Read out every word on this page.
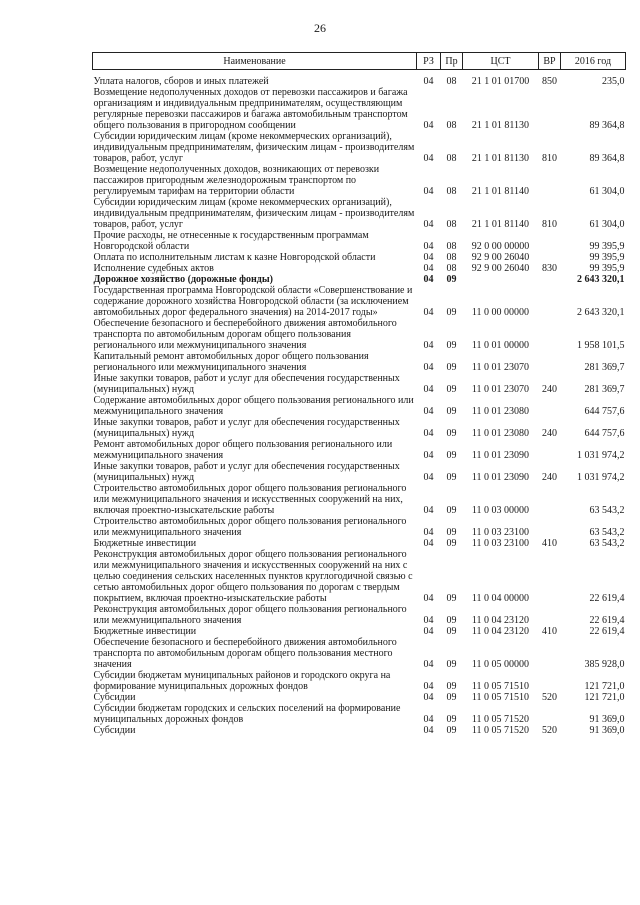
26
Наименование	РЗ	Пр	ЦСТ	ВР	2016 год
Уплата налогов, сборов и иных платежей	04	08	21 1 01 01700	850	235,0
Возмещение недополученных доходов от перевозки пассажиров и багажа организациям и индивидуальным предпринимателям, осуществляющим регулярные перевозки пассажиров и багажа автомобильным транспортом общего пользования в пригородном сообщении	04	08	21 1 01 81130		89 364,8
Субсидии юридическим лицам (кроме некоммерческих организаций), индивидуальным предпринимателям, физическим лицам - производителям товаров, работ, услуг	04	08	21 1 01 81130	810	89 364,8
Возмещение недополученных доходов, возникающих от перевозки пассажиров пригородным железнодорожным транспортом по регулируемым тарифам на территории области	04	08	21 1 01 81140		61 304,0
Субсидии юридическим лицам (кроме некоммерческих организаций), индивидуальным предпринимателям, физическим лицам - производителям товаров, работ, услуг	04	08	21 1 01 81140	810	61 304,0
Прочие расходы, не отнесенные к государственным программам Новгородской области	04	08	92 0 00 00000		99 395,9
Оплата по исполнительным листам к казне Новгородской области	04	08	92 9 00 26040		99 395,9
Исполнение судебных актов	04	08	92 9 00 26040	830	99 395,9
Дорожное хозяйство (дорожные фонды)	04	09			2 643 320,1
Государственная программа Новгородской области «Совершенствование и содержание дорожного хозяйства Новгородской области (за исключением автомобильных дорог федерального значения) на 2014-2017 годы»	04	09	11 0 00 00000		2 643 320,1
Обеспечение безопасного и бесперебойного движения автомобильного транспорта по автомобильным дорогам общего пользования регионального или межмуниципального значения	04	09	11 0 01 00000		1 958 101,5
Капитальный ремонт автомобильных дорог общего пользования регионального или межмуниципального значения	04	09	11 0 01 23070		281 369,7
Иные закупки товаров, работ и услуг для обеспечения государственных (муниципальных) нужд	04	09	11 0 01 23070	240	281 369,7
Содержание автомобильных дорог общего пользования регионального или межмуниципального значения	04	09	11 0 01 23080		644 757,6
Иные закупки товаров, работ и услуг для обеспечения государственных (муниципальных) нужд	04	09	11 0 01 23080	240	644 757,6
Ремонт автомобильных дорог общего пользования регионального или межмуниципального значения	04	09	11 0 01 23090		1 031 974,2
Иные закупки товаров, работ и услуг для обеспечения государственных (муниципальных) нужд	04	09	11 0 01 23090	240	1 031 974,2
Строительство автомобильных дорог общего пользования регионального или межмуниципального значения и искусственных сооружений на них, включая проектно-изыскательские работы	04	09	11 0 03 00000		63 543,2
Строительство автомобильных дорог общего пользования регионального или межмуниципального значения	04	09	11 0 03 23100		63 543,2
Бюджетные инвестиции	04	09	11 0 03 23100	410	63 543,2
Реконструкция автомобильных дорог общего пользования регионального или межмуниципального значения и искусственных сооружений на них с целью соединения сельских населенных пунктов круглогодичной связью с сетью автомобильных дорог общего пользования по дорогам с твердым покрытием, включая проектно-изыскательские работы	04	09	11 0 04 00000		22 619,4
Реконструкция автомобильных дорог общего пользования регионального или межмуниципального значения	04	09	11 0 04 23120		22 619,4
Бюджетные инвестиции	04	09	11 0 04 23120	410	22 619,4
Обеспечение безопасного и бесперебойного движения автомобильного транспорта по автомобильным дорогам общего пользования местного значения	04	09	11 0 05 00000		385 928,0
Субсидии бюджетам муниципальных районов и городского округа на формирование муниципальных дорожных фондов	04	09	11 0 05 71510		121 721,0
Субсидии	04	09	11 0 05 71510	520	121 721,0
Субсидии бюджетам городских и сельских поселений на формирование муниципальных дорожных фондов	04	09	11 0 05 71520		91 369,0
Субсидии	04	09	11 0 05 71520	520	91 369,0
